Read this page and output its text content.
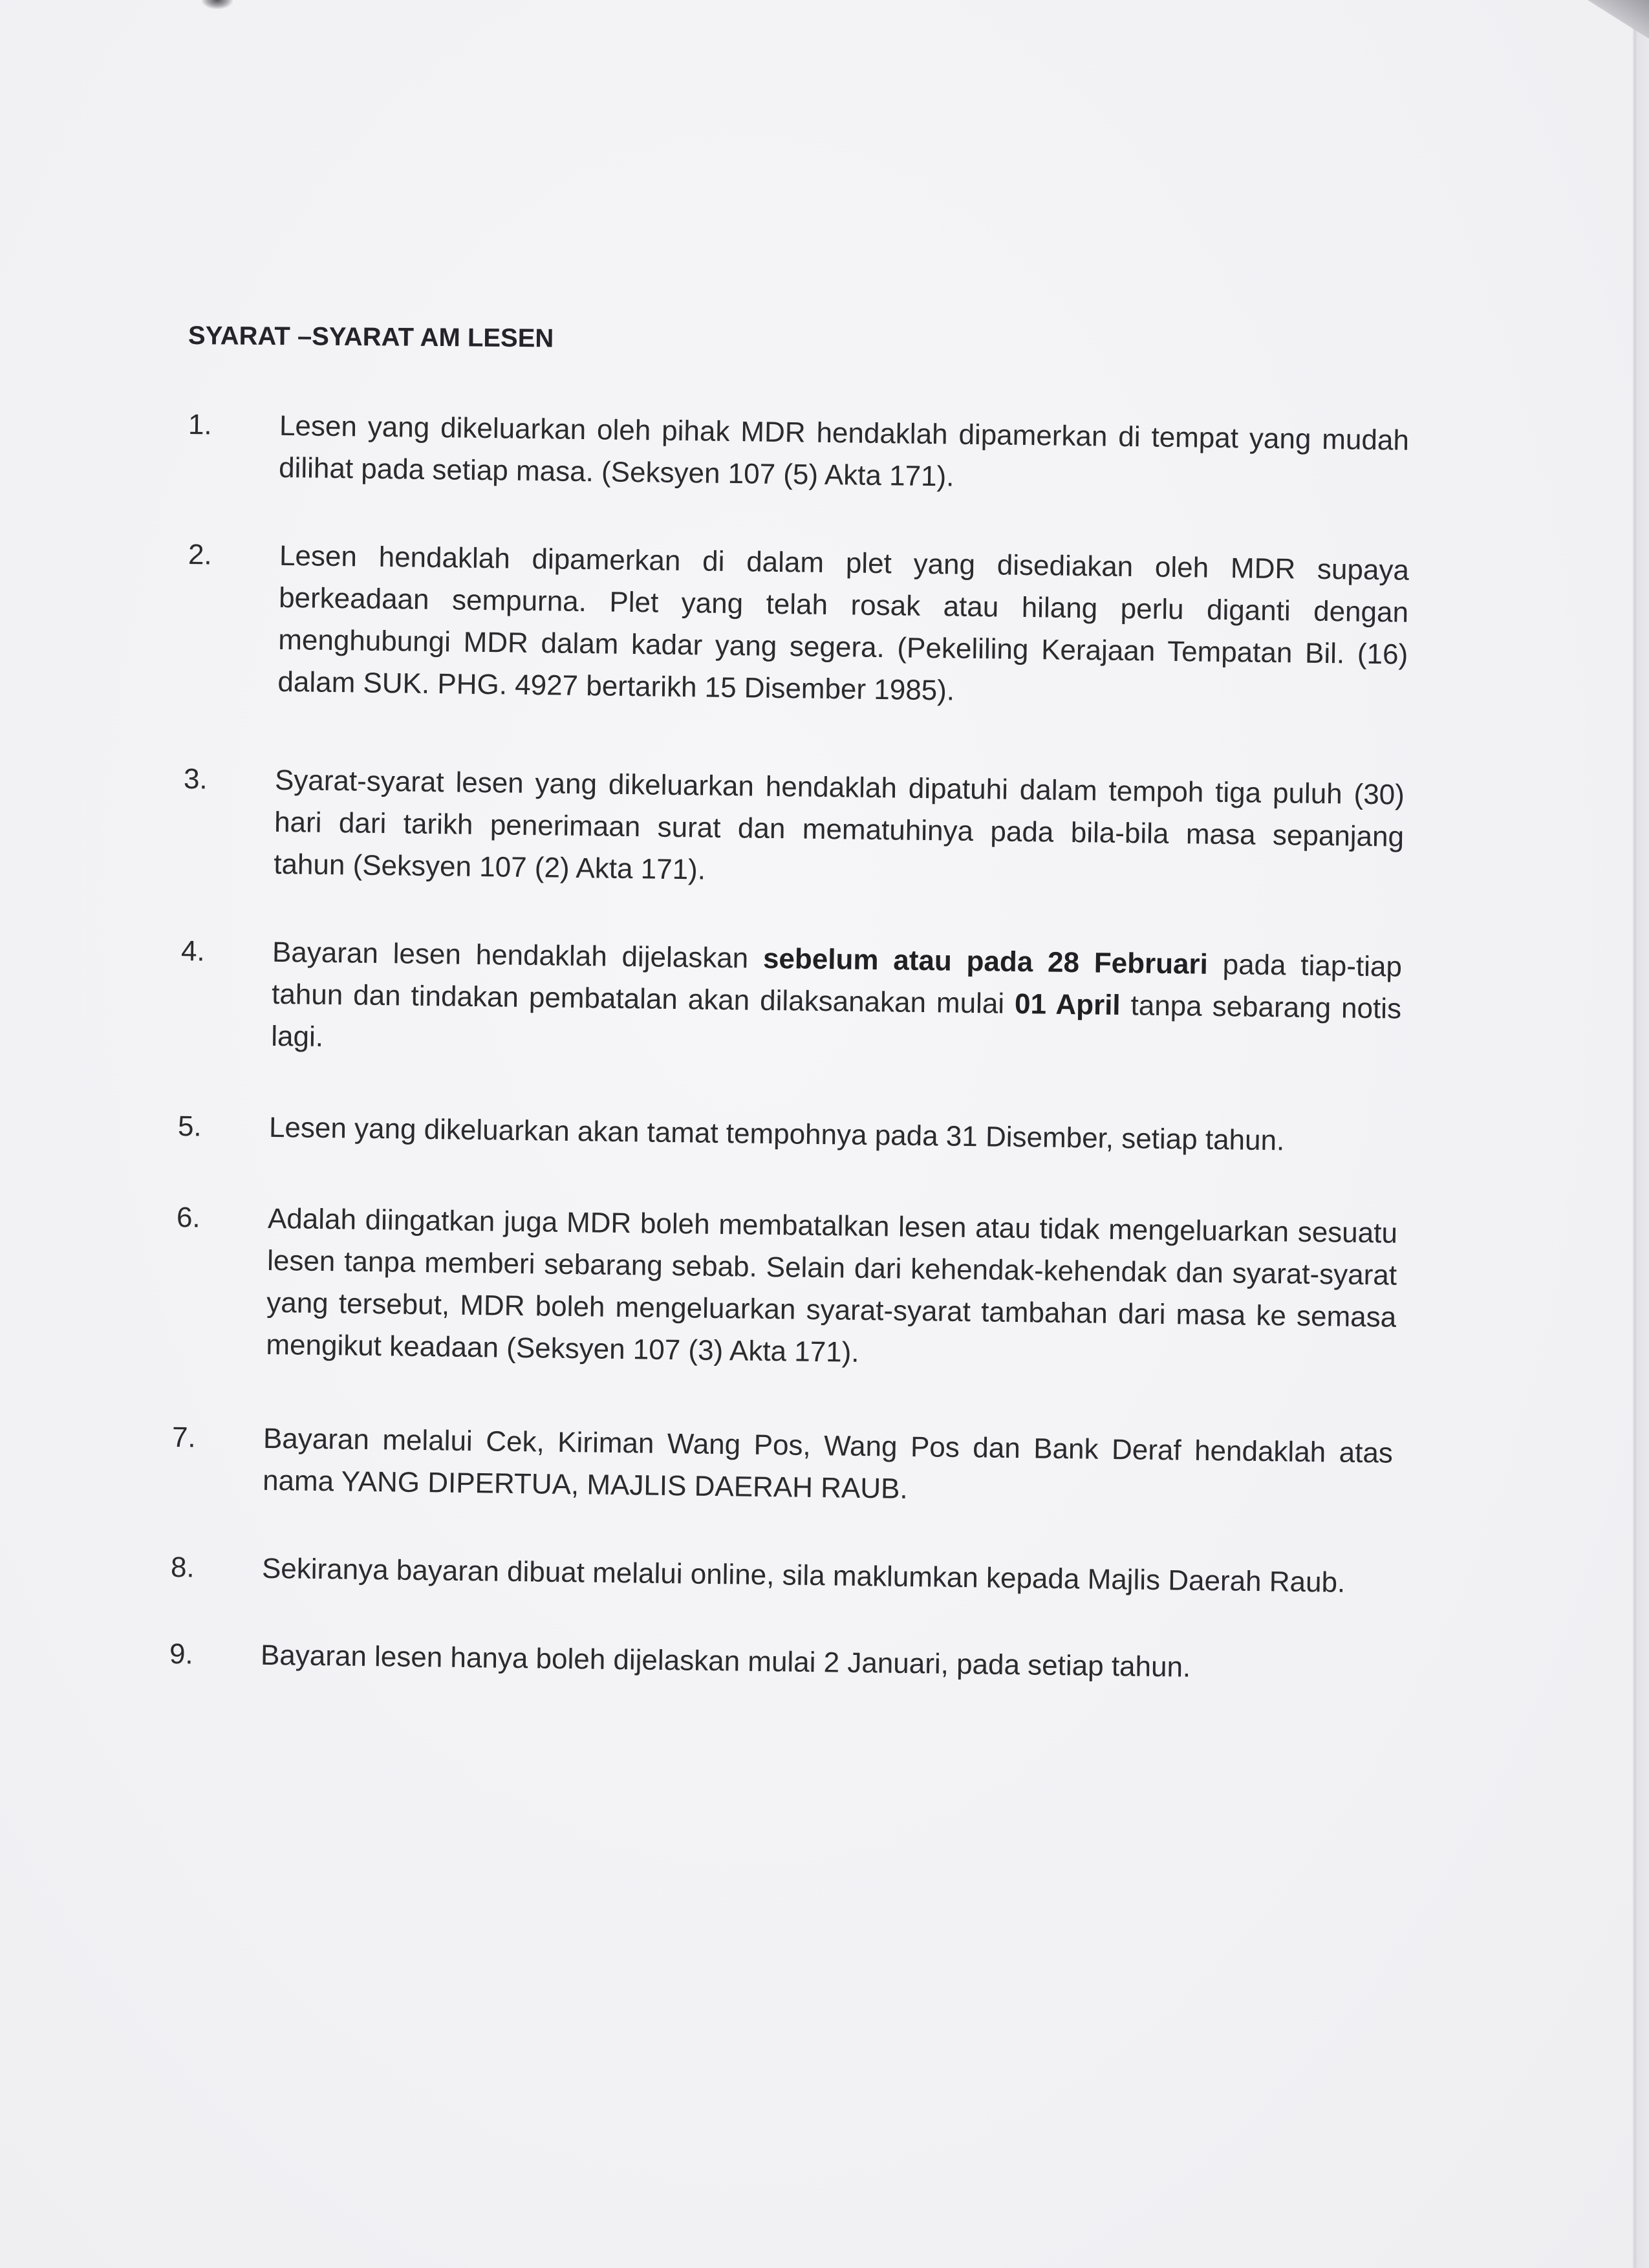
SYARAT –SYARAT AM LESEN
1. Lesen yang dikeluarkan oleh pihak MDR hendaklah dipamerkan di tempat yang mudah
dilihat pada setiap masa. (Seksyen 107 (5) Akta 171).
2. Lesen hendaklah dipamerkan di dalam plet yang disediakan oleh MDR supaya
berkeadaan sempurna. Plet yang telah rosak atau hilang perlu diganti dengan
menghubungi MDR dalam kadar yang segera. (Pekeliling Kerajaan Tempatan Bil. (16)
dalam SUK. PHG. 4927 bertarikh 15 Disember 1985).
3. Syarat-syarat lesen yang dikeluarkan hendaklah dipatuhi dalam tempoh tiga puluh (30)
hari dari tarikh penerimaan surat dan mematuhinya pada bila-bila masa sepanjang
tahun (Seksyen 107 (2) Akta 171).
4. Bayaran lesen hendaklah dijelaskan sebelum atau pada 28 Februari pada tiap-tiap
tahun dan tindakan pembatalan akan dilaksanakan mulai 01 April tanpa sebarang notis
lagi.
5. Lesen yang dikeluarkan akan tamat tempohnya pada 31 Disember, setiap tahun.
6. Adalah diingatkan juga MDR boleh membatalkan lesen atau tidak mengeluarkan sesuatu
lesen tanpa memberi sebarang sebab. Selain dari kehendak-kehendak dan syarat-syarat
yang tersebut, MDR boleh mengeluarkan syarat-syarat tambahan dari masa ke semasa
mengikut keadaan (Seksyen 107 (3) Akta 171).
7. Bayaran melalui Cek, Kiriman Wang Pos, Wang Pos dan Bank Deraf hendaklah atas
nama YANG DIPERTUA, MAJLIS DAERAH RAUB.
8. Sekiranya bayaran dibuat melalui online, sila maklumkan kepada Majlis Daerah Raub.
9. Bayaran lesen hanya boleh dijelaskan mulai 2 Januari, pada setiap tahun.
